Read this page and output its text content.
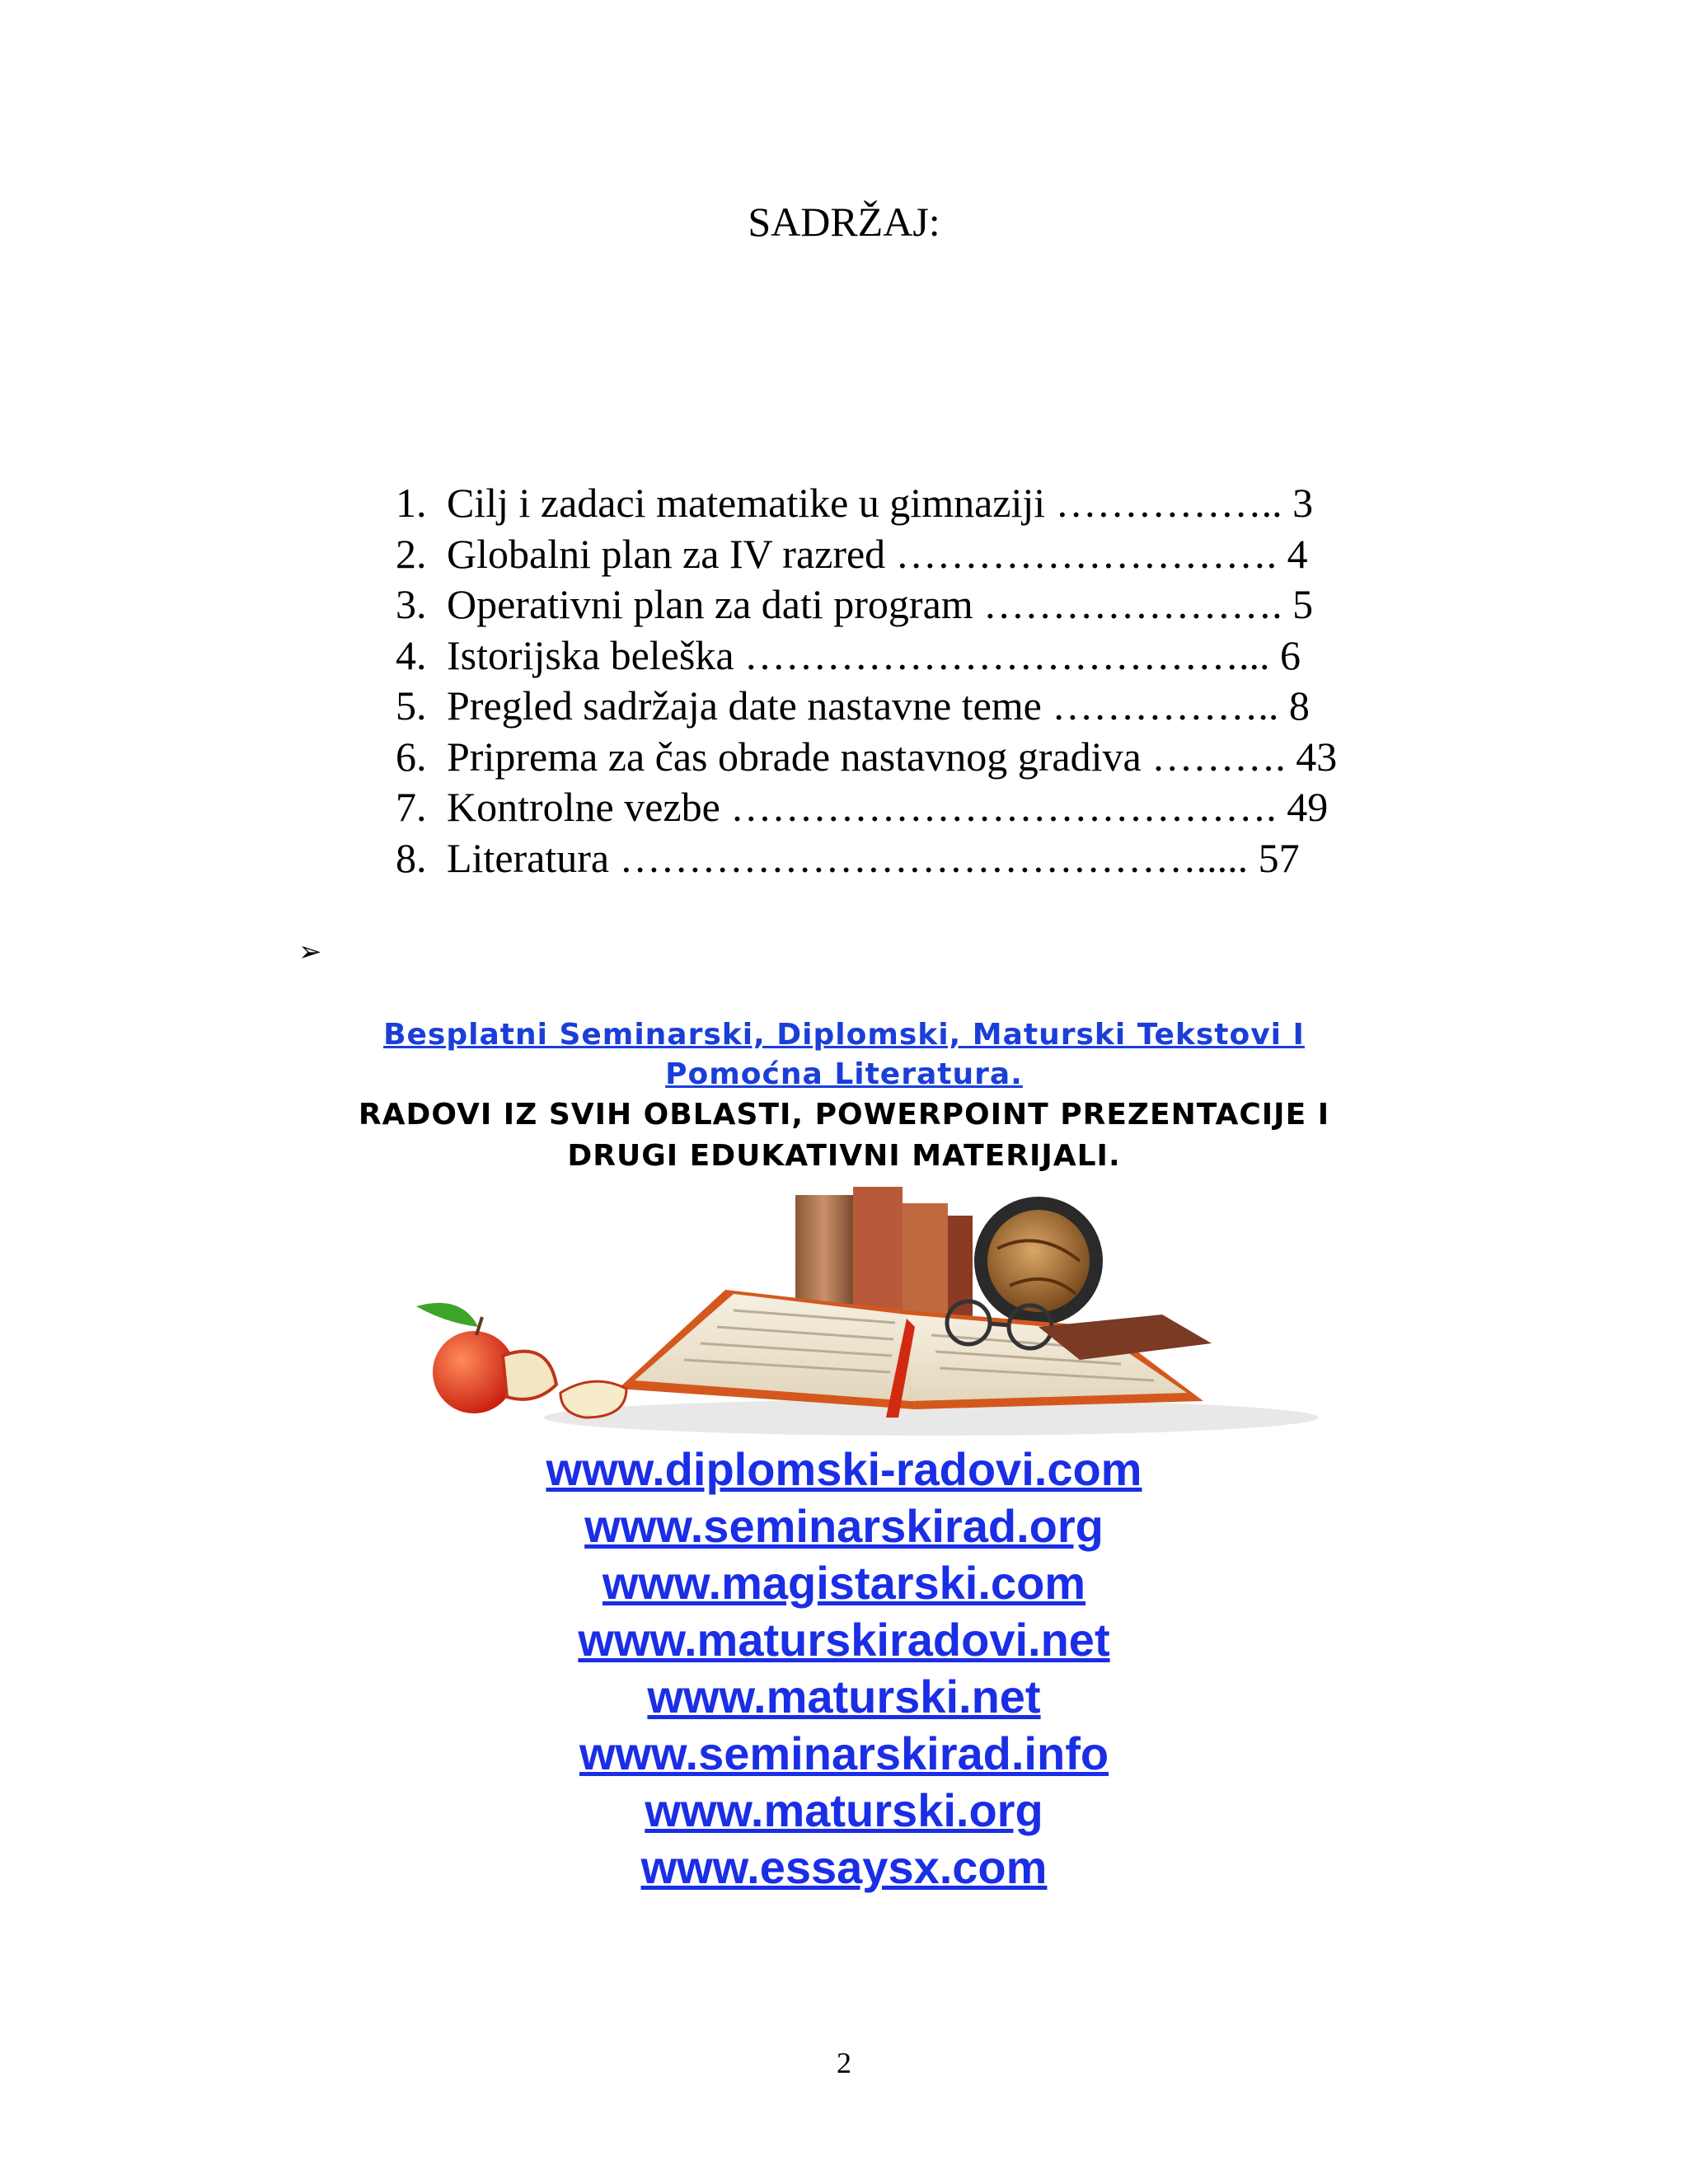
SADRŽAJ:
1. Cilj i zadaci matematike u gimnaziji …………….. 3
2. Globalni plan za IV razred ………………………. 4
3. Operativni plan za dati program …………………. 5
4. Istorijska beleška ………………………………... 6
5. Pregled sadržaja date nastavne teme …………….. 8
6. Priprema za čas obrade nastavnog gradiva ………. 43
7. Kontrolne vezbe …………………………………. 49
8. Literatura ……………………………………..... 57
➢
Besplatni Seminarski, Diplomski, Maturski Tekstovi I
Pomoćna Literatura.
RADOVI IZ SVIH OBLASTI, POWERPOINT PREZENTACIJE I
DRUGI EDUKATIVNI MATERIJALI.
www.diplomski-radovi.com
www.seminarskirad.org
www.magistarski.com
www.maturskiradovi.net
www.maturski.net
www.seminarskirad.info
www.maturski.org
www.essaysx.com
2
